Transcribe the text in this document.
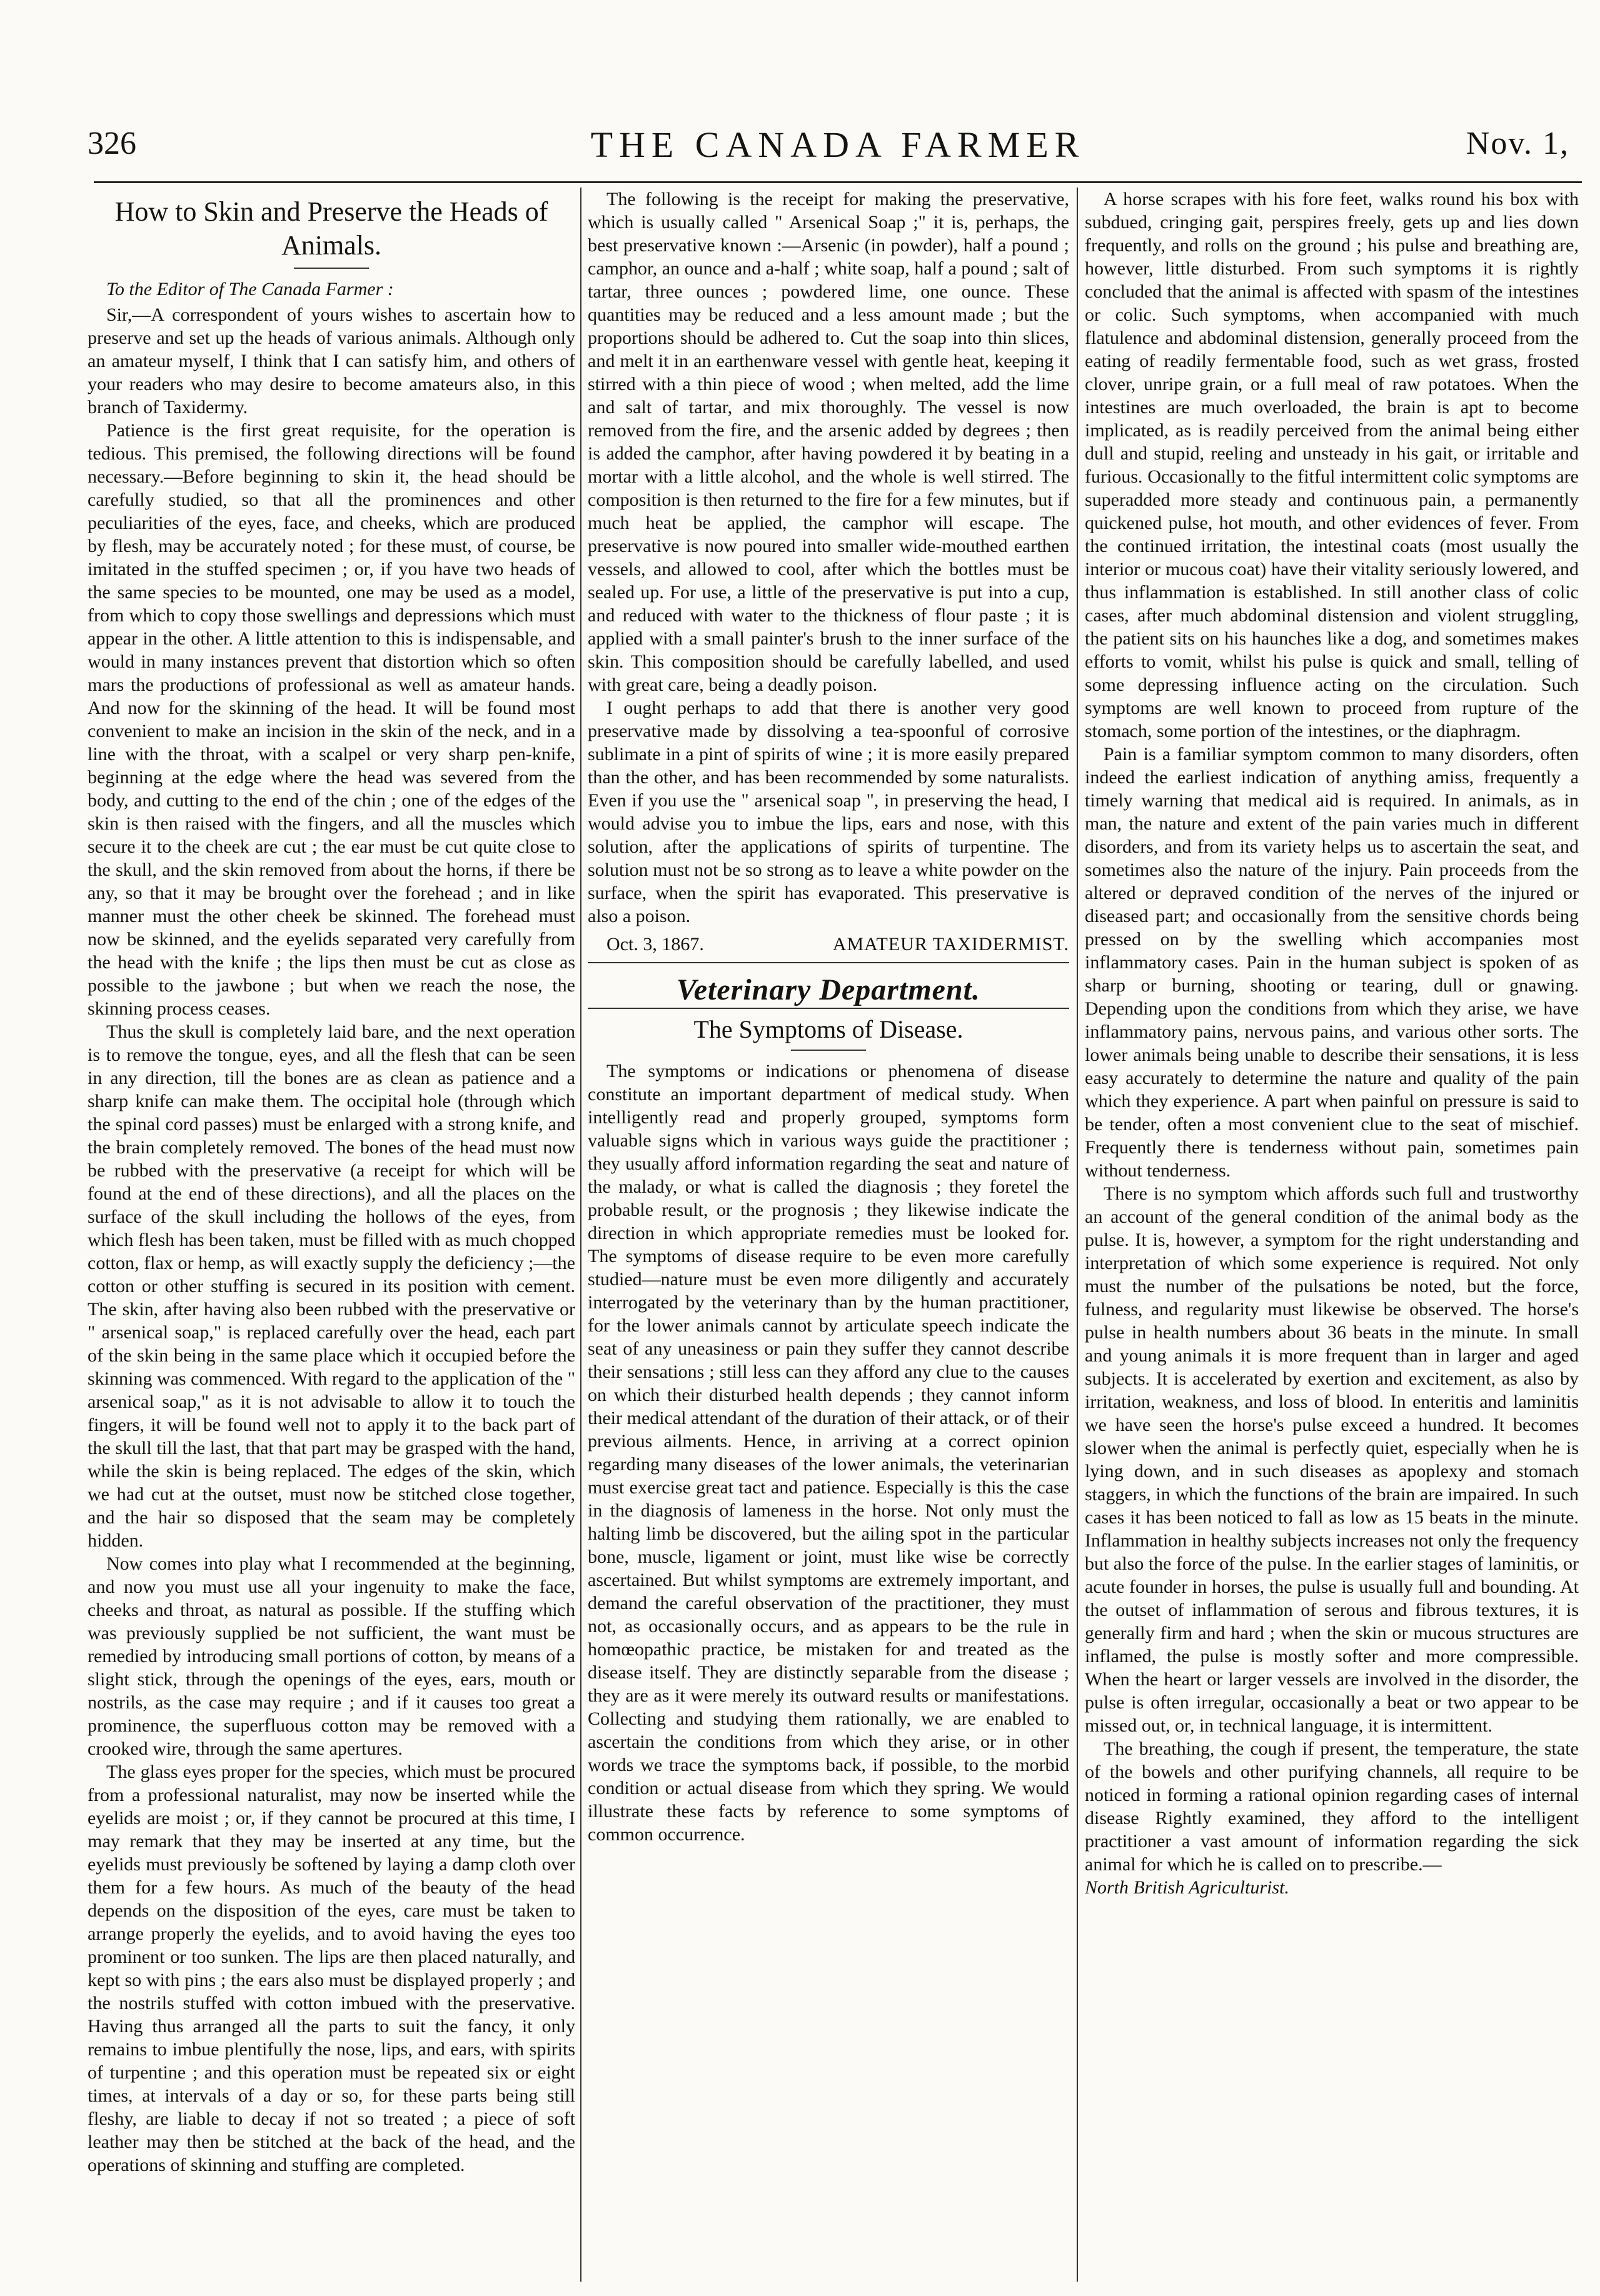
326	THE CANADA FARMER	Nov. 1,
How to Skin and Preserve the Heads of Animals.

To the Editor of The Canada Farmer :

Sir,—A correspondent of yours wishes to ascertain how to preserve and set up the heads of various animals. Although only an amateur myself, I think that I can satisfy him, and others of your readers who may desire to become amateurs also, in this branch of Taxidermy.

Patience is the first great requisite, for the operation is tedious. This premised, the following directions will be found necessary.—Before beginning to skin it, the head should be carefully studied, so that all the prominences and other peculiarities of the eyes, face, and cheeks, which are produced by flesh, may be accurately noted ; for these must, of course, be imitated in the stuffed specimen ; or, if you have two heads of the same species to be mounted, one may be used as a model, from which to copy those swellings and depressions which must appear in the other. A little attention to this is indispensable, and would in many instances prevent that distortion which so often mars the productions of professional as well as amateur hands. And now for the skinning of the head. It will be found most convenient to make an incision in the skin of the neck, and in a line with the throat, with a scalpel or very sharp pen-knife, beginning at the edge where the head was severed from the body, and cutting to the end of the chin ; one of the edges of the skin is then raised with the fingers, and all the muscles which secure it to the cheek are cut ; the ear must be cut quite close to the skull, and the skin removed from about the horns, if there be any, so that it may be brought over the forehead ; and in like manner must the other cheek be skinned. The forehead must now be skinned, and the eyelids separated very carefully from the head with the knife ; the lips then must be cut as close as possible to the jawbone ; but when we reach the nose, the skinning process ceases.

Thus the skull is completely laid bare, and the next operation is to remove the tongue, eyes, and all the flesh that can be seen in any direction, till the bones are as clean as patience and a sharp knife can make them. The occipital hole (through which the spinal cord passes) must be enlarged with a strong knife, and the brain completely removed. The bones of the head must now be rubbed with the preservative (a receipt for which will be found at the end of these directions), and all the places on the surface of the skull including the hollows of the eyes, from which flesh has been taken, must be filled with as much chopped cotton, flax or hemp, as will exactly supply the deficiency ;—the cotton or other stuffing is secured in its position with cement. The skin, after having also been rubbed with the preservative or " arsenical soap," is replaced carefully over the head, each part of the skin being in the same place which it occupied before the skinning was commenced. With regard to the application of the " arsenical soap," as it is not advisable to allow it to touch the fingers, it will be found well not to apply it to the back part of the skull till the last, that that part may be grasped with the hand, while the skin is being replaced. The edges of the skin, which we had cut at the outset, must now be stitched close together, and the hair so disposed that the seam may be completely hidden.

Now comes into play what I recommended at the beginning, and now you must use all your ingenuity to make the face, cheeks and throat, as natural as possible. If the stuffing which was previously supplied be not sufficient, the want must be remedied by introducing small portions of cotton, by means of a slight stick, through the openings of the eyes, ears, mouth or nostrils, as the case may require ; and if it causes too great a prominence, the superfluous cotton may be removed with a crooked wire, through the same apertures.

The glass eyes proper for the species, which must be procured from a professional naturalist, may now be inserted while the eyelids are moist ; or, if they cannot be procured at this time, I may remark that they may be inserted at any time, but the eyelids must previously be softened by laying a damp cloth over them for a few hours. As much of the beauty of the head depends on the disposition of the eyes, care must be taken to arrange properly the eyelids, and to avoid having the eyes too prominent or too sunken. The lips are then placed naturally, and kept so with pins ; the ears also must be displayed properly ; and the nostrils stuffed with cotton imbued with the preservative. Having thus arranged all the parts to suit the fancy, it only remains to imbue plentifully the nose, lips, and ears, with spirits of turpentine ; and this operation must be repeated six or eight times, at intervals of a day or so, for these parts being still fleshy, are liable to decay if not so treated ; a piece of soft leather may then be stitched at the back of the head, and the operations of skinning and stuffing are completed.

The following is the receipt for making the preservative, which is usually called " Arsenical Soap ;" it is, perhaps, the best preservative known :—Arsenic (in powder), half a pound ; camphor, an ounce and a-half ; white soap, half a pound ; salt of tartar, three ounces ; powdered lime, one ounce. These quantities may be reduced and a less amount made ; but the proportions should be adhered to. Cut the soap into thin slices, and melt it in an earthenware vessel with gentle heat, keeping it stirred with a thin piece of wood ; when melted, add the lime and salt of tartar, and mix thoroughly. The vessel is now removed from the fire, and the arsenic added by degrees ; then is added the camphor, after having powdered it by beating in a mortar with a little alcohol, and the whole is well stirred. The composition is then returned to the fire for a few minutes, but if much heat be applied, the camphor will escape. The preservative is now poured into smaller wide-mouthed earthen vessels, and allowed to cool, after which the bottles must be sealed up. For use, a little of the preservative is put into a cup, and reduced with water to the thickness of flour paste ; it is applied with a small painter's brush to the inner surface of the skin. This composition should be carefully labelled, and used with great care, being a deadly poison.

I ought perhaps to add that there is another very good preservative made by dissolving a tea-spoonful of corrosive sublimate in a pint of spirits of wine ; it is more easily prepared than the other, and has been recommended by some naturalists. Even if you use the " arsenical soap ", in preserving the head, I would advise you to imbue the lips, ears and nose, with this solution, after the applications of spirits of turpentine. The solution must not be so strong as to leave a white powder on the surface, when the spirit has evaporated. This preservative is also a poison.

AMATEUR TAXIDERMIST.

Oct. 3, 1867.

Veterinary Department.
The Symptoms of Disease.

The symptoms or indications or phenomena of disease constitute an important department of medical study. When intelligently read and properly grouped, symptoms form valuable signs which in various ways guide the practitioner ; they usually afford information regarding the seat and nature of the malady, or what is called the diagnosis ; they foretel the probable result, or the prognosis ; they likewise indicate the direction in which appropriate remedies must be looked for. The symptoms of disease require to be even more carefully studied—nature must be even more diligently and accurately interrogated by the veterinary than by the human practitioner, for the lower animals cannot by articulate speech indicate the seat of any uneasiness or pain they suffer they cannot describe their sensations ; still less can they afford any clue to the causes on which their disturbed health depends ; they cannot inform their medical attendant of the duration of their attack, or of their previous ailments. Hence, in arriving at a correct opinion regarding many diseases of the lower animals, the veterinarian must exercise great tact and patience. Especially is this the case in the diagnosis of lameness in the horse. Not only must the halting limb be discovered, but the ailing spot in the particular bone, muscle, ligament or joint, must like wise be correctly ascertained. But whilst symptoms are extremely important, and demand the careful observation of the practitioner, they must not, as occasionally occurs, and as appears to be the rule in homœopathic practice, be mistaken for and treated as the disease itself. They are distinctly separable from the disease ; they are as it were merely its outward results or manifestations. Collecting and studying them rationally, we are enabled to ascertain the conditions from which they arise, or in other words we trace the symptoms back, if possible, to the morbid condition or actual disease from which they spring. We would illustrate these facts by reference to some symptoms of common occurrence.

A horse scrapes with his fore feet, walks round his box with subdued, cringing gait, perspires freely, gets up and lies down frequently, and rolls on the ground ; his pulse and breathing are, however, little disturbed. From such symptoms it is rightly concluded that the animal is affected with spasm of the intestines or colic. Such symptoms, when accompanied with much flatulence and abdominal distension, generally proceed from the eating of readily fermentable food, such as wet grass, frosted clover, unripe grain, or a full meal of raw potatoes. When the intestines are much overloaded, the brain is apt to become implicated, as is readily perceived from the animal being either dull and stupid, reeling and unsteady in his gait, or irritable and furious. Occasionally to the fitful intermittent colic symptoms are superadded more steady and continuous pain, a permanently quickened pulse, hot mouth, and other evidences of fever. From the continued irritation, the intestinal coats (most usually the interior or mucous coat) have their vitality seriously lowered, and thus inflammation is established. In still another class of colic cases, after much abdominal distension and violent struggling, the patient sits on his haunches like a dog, and sometimes makes efforts to vomit, whilst his pulse is quick and small, telling of some depressing influence acting on the circulation. Such symptoms are well known to proceed from rupture of the stomach, some portion of the intestines, or the diaphragm.

Pain is a familiar symptom common to many disorders, often indeed the earliest indication of anything amiss, frequently a timely warning that medical aid is required. In animals, as in man, the nature and extent of the pain varies much in different disorders, and from its variety helps us to ascertain the seat, and sometimes also the nature of the injury. Pain proceeds from the altered or depraved condition of the nerves of the injured or diseased part; and occasionally from the sensitive chords being pressed on by the swelling which accompanies most inflammatory cases. Pain in the human subject is spoken of as sharp or burning, shooting or tearing, dull or gnawing. Depending upon the conditions from which they arise, we have inflammatory pains, nervous pains, and various other sorts. The lower animals being unable to describe their sensations, it is less easy accurately to determine the nature and quality of the pain which they experience. A part when painful on pressure is said to be tender, often a most convenient clue to the seat of mischief. Frequently there is tenderness without pain, sometimes pain without tenderness.

There is no symptom which affords such full and trustworthy an account of the general condition of the animal body as the pulse. It is, however, a symptom for the right understanding and interpretation of which some experience is required. Not only must the number of the pulsations be noted, but the force, fulness, and regularity must likewise be observed. The horse's pulse in health numbers about 36 beats in the minute. In small and young animals it is more frequent than in larger and aged subjects. It is accelerated by exertion and excitement, as also by irritation, weakness, and loss of blood. In enteritis and laminitis we have seen the horse's pulse exceed a hundred. It becomes slower when the animal is perfectly quiet, especially when he is lying down, and in such diseases as apoplexy and stomach staggers, in which the functions of the brain are impaired. In such cases it has been noticed to fall as low as 15 beats in the minute. Inflammation in healthy subjects increases not only the frequency but also the force of the pulse. In the earlier stages of laminitis, or acute founder in horses, the pulse is usually full and bounding. At the outset of inflammation of serous and fibrous textures, it is generally firm and hard ; when the skin or mucous structures are inflamed, the pulse is mostly softer and more compressible. When the heart or larger vessels are involved in the disorder, the pulse is often irregular, occasionally a beat or two appear to be missed out, or, in technical language, it is intermittent.

The breathing, the cough if present, the temperature, the state of the bowels and other purifying channels, all require to be noticed in forming a rational opinion regarding cases of internal disease Rightly examined, they afford to the intelligent practitioner a vast amount of information regarding the sick animal for which he is called on to prescribe.—

North British Agriculturist.
